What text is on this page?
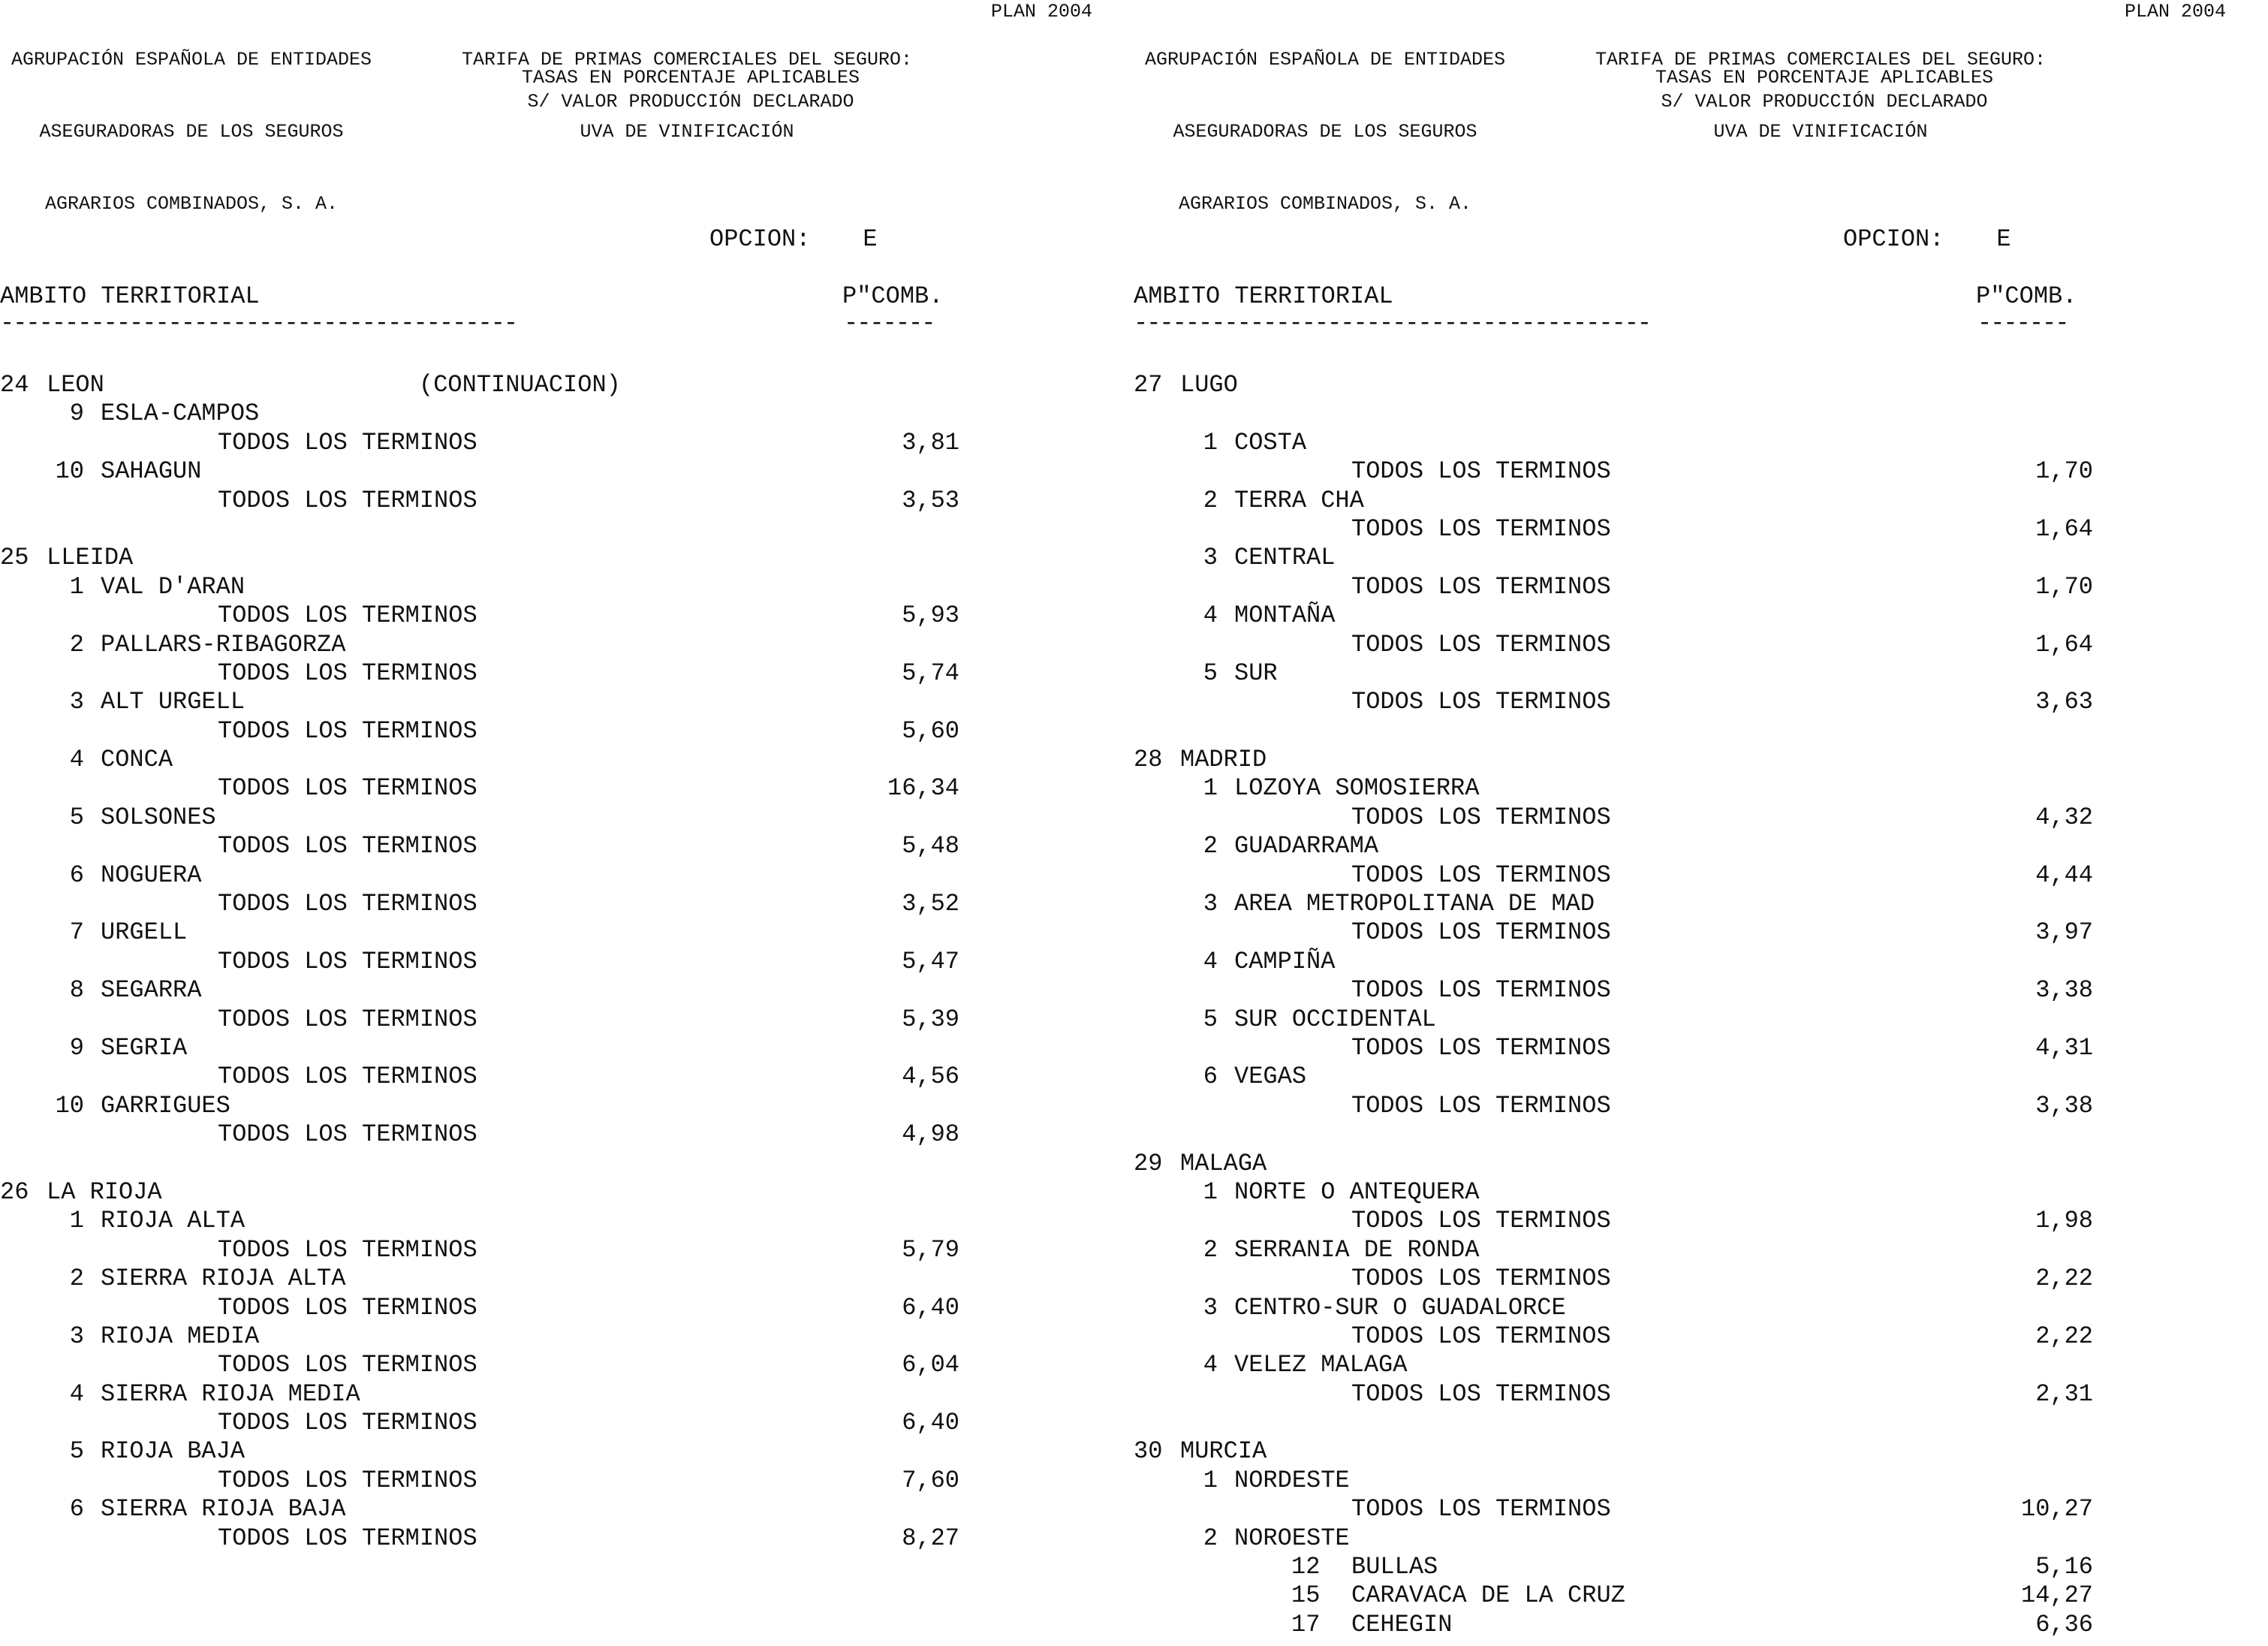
AGRUPACIÓN ESPAÑOLA DE ENTIDADES

ASEGURADORAS DE LOS SEGUROS

AGRARIOS COMBINADOS, S. A.

TARIFA DE PRIMAS COMERCIALES DEL SEGURO:

UVA DE VINIFICACIÓN

PLAN 2004
TASAS EN PORCENTAJE APLICABLES
S/ VALOR PRODUCCIÓN DECLARADO
OPCION: E
AMBITO TERRITORIAL	P"COMB.
----------------------------------------	-------
24 LEON	(CONTINUACION)
9 ESLA-CAMPOS
TODOS LOS TERMINOS	3,81
10 SAHAGUN
TODOS LOS TERMINOS	3,53
25 LLEIDA
1 VAL D'ARAN
TODOS LOS TERMINOS	5,93
2 PALLARS-RIBAGORZA
TODOS LOS TERMINOS	5,74
3 ALT URGELL
TODOS LOS TERMINOS	5,60
4 CONCA
TODOS LOS TERMINOS	16,34
5 SOLSONES
TODOS LOS TERMINOS	5,48
6 NOGUERA
TODOS LOS TERMINOS	3,52
7 URGELL
TODOS LOS TERMINOS	5,47
8 SEGARRA
TODOS LOS TERMINOS	5,39
9 SEGRIA
TODOS LOS TERMINOS	4,56
10 GARRIGUES
TODOS LOS TERMINOS	4,98
26 LA RIOJA
1 RIOJA ALTA
TODOS LOS TERMINOS	5,79
2 SIERRA RIOJA ALTA
TODOS LOS TERMINOS	6,40
3 RIOJA MEDIA
TODOS LOS TERMINOS	6,04
4 SIERRA RIOJA MEDIA
TODOS LOS TERMINOS	6,40
5 RIOJA BAJA
TODOS LOS TERMINOS	7,60
6 SIERRA RIOJA BAJA
TODOS LOS TERMINOS	8,27

AGRUPACIÓN ESPAÑOLA DE ENTIDADES

ASEGURADORAS DE LOS SEGUROS

AGRARIOS COMBINADOS, S. A.

TARIFA DE PRIMAS COMERCIALES DEL SEGURO:

UVA DE VINIFICACIÓN

PLAN 2004
TASAS EN PORCENTAJE APLICABLES
S/ VALOR PRODUCCIÓN DECLARADO
OPCION: E
AMBITO TERRITORIAL	P"COMB.
----------------------------------------	-------
27 LUGO
1 COSTA
TODOS LOS TERMINOS	1,70
2 TERRA CHA
TODOS LOS TERMINOS	1,64
3 CENTRAL
TODOS LOS TERMINOS	1,70
4 MONTAÑA
TODOS LOS TERMINOS	1,64
5 SUR
TODOS LOS TERMINOS	3,63
28 MADRID
1 LOZOYA SOMOSIERRA
TODOS LOS TERMINOS	4,32
2 GUADARRAMA
TODOS LOS TERMINOS	4,44
3 AREA METROPOLITANA DE MAD
TODOS LOS TERMINOS	3,97
4 CAMPIÑA
TODOS LOS TERMINOS	3,38
5 SUR OCCIDENTAL
TODOS LOS TERMINOS	4,31
6 VEGAS
TODOS LOS TERMINOS	3,38
29 MALAGA
1 NORTE O ANTEQUERA
TODOS LOS TERMINOS	1,98
2 SERRANIA DE RONDA
TODOS LOS TERMINOS	2,22
3 CENTRO-SUR O GUADALORCE
TODOS LOS TERMINOS	2,22
4 VELEZ MALAGA
TODOS LOS TERMINOS	2,31
30 MURCIA
1 NORDESTE
TODOS LOS TERMINOS	10,27
2 NOROESTE
12 BULLAS	5,16
15 CARAVACA DE LA CRUZ	14,27
17 CEHEGIN	6,36
